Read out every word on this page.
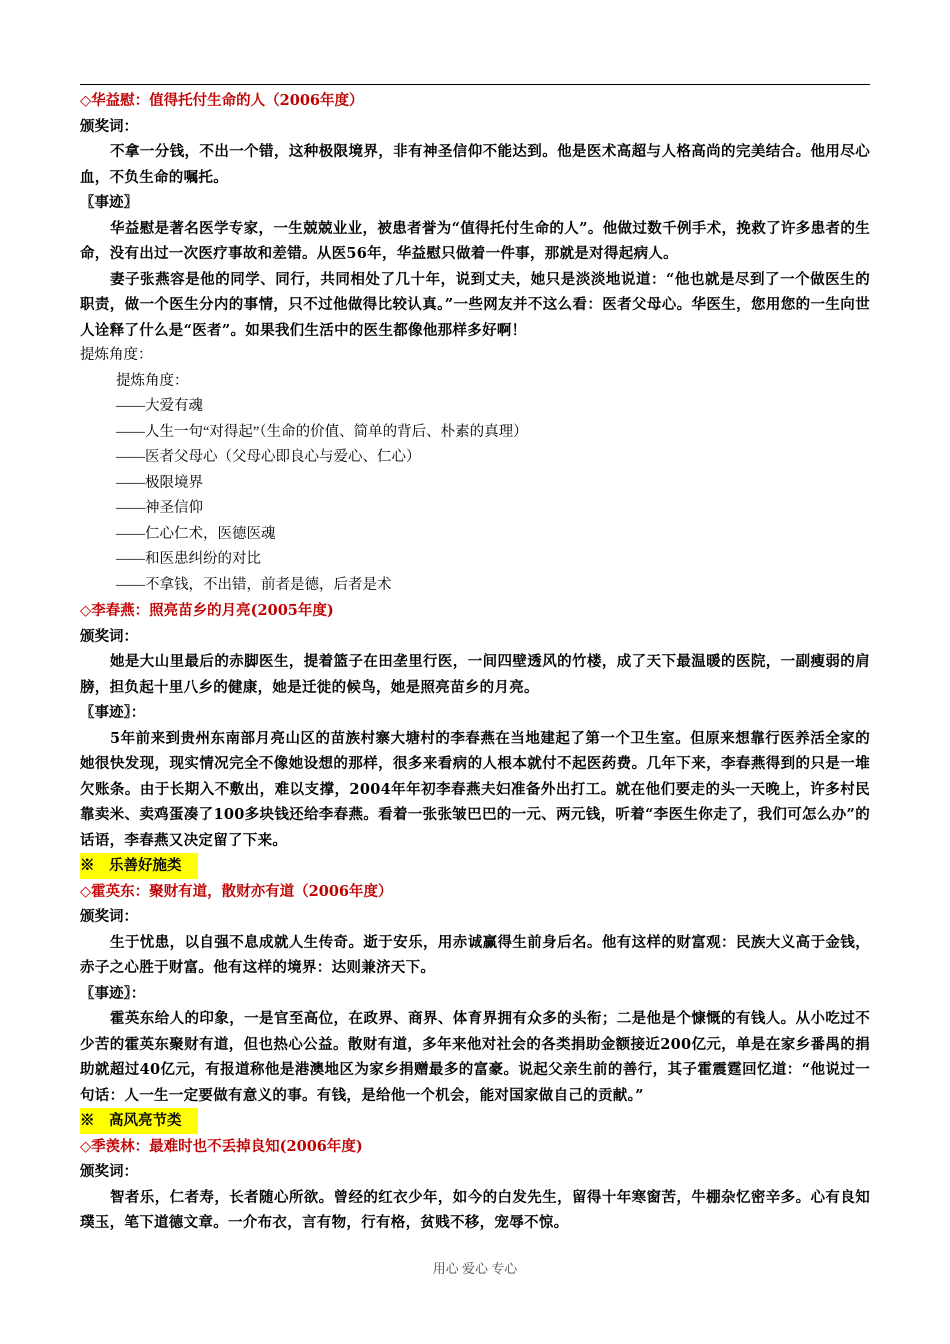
◇华益慰：值得托付生命的人（2006年度）
颁奖词：
不拿一分钱，不出一个错，这种极限境界，非有神圣信仰不能达到。他是医术高超与人格高尚的完美结合。他用尽心血，不负生命的嘱托。
〖事迹〗
华益慰是著名医学专家，一生兢兢业业，被患者誉为“值得托付生命的人”。他做过数千例手术，挽救了许多患者的生命，没有出过一次医疗事故和差错。从医56年，华益慰只做着一件事，那就是对得起病人。
妻子张燕容是他的同学、同行，共同相处了几十年，说到丈夫，她只是淡淡地说道：“他也就是尽到了一个做医生的职责，做一个医生分内的事情，只不过他做得比较认真。”一些网友并不这么看：医者父母心。华医生，您用您的一生向世人诠释了什么是“医者”。如果我们生活中的医生都像他那样多好啊！
提炼角度：
提炼角度：
——大爱有魂
——人生一句“对得起”（生命的价值、简单的背后、朴素的真理）
——医者父母心（父母心即良心与爱心、仁心）
——极限境界
——神圣信仰
——仁心仁术，医德医魂
——和医患纠纷的对比
——不拿钱，不出错，前者是德，后者是术
◇李春燕：照亮苗乡的月亮(2005年度)
颁奖词：
她是大山里最后的赤脚医生，提着篮子在田垄里行医，一间四壁透风的竹楼，成了天下最温暖的医院，一副瘦弱的肩膀，担负起十里八乡的健康，她是迁徙的候鸟，她是照亮苗乡的月亮。
〖事迹〗：
5年前来到贵州东南部月亮山区的苗族村寨大塘村的李春燕在当地建起了第一个卫生室。但原来想靠行医养活全家的她很快发现，现实情况完全不像她设想的那样，很多来看病的人根本就付不起医药费。几年下来，李春燕得到的只是一堆欠账条。由于长期入不敷出，难以支撑，2004年年初李春燕夫妇准备外出打工。就在他们要走的头一天晚上，许多村民靠卖米、卖鸡蛋凑了100多块钱还给李春燕。看着一张张皱巴巴的一元、两元钱，听着“李医生你走了，我们可怎么办”的话语，李春燕又决定留了下来。
※　乐善好施类
◇霍英东：聚财有道，散财亦有道（2006年度）
颁奖词：
生于忧患，以自强不息成就人生传奇。逝于安乐，用赤诚赢得生前身后名。他有这样的财富观：民族大义高于金钱，赤子之心胜于财富。他有这样的境界：达则兼济天下。
〖事迹〗：
霍英东给人的印象，一是官至高位，在政界、商界、体育界拥有众多的头衔；二是他是个慷慨的有钱人。从小吃过不少苦的霍英东聚财有道，但也热心公益。散财有道，多年来他对社会的各类捐助金额接近200亿元，单是在家乡番禺的捐助就超过40亿元，有报道称他是港澳地区为家乡捐赠最多的富豪。说起父亲生前的善行，其子霍震霆回忆道：“他说过一句话：人一生一定要做有意义的事。有钱，是给他一个机会，能对国家做自己的贡献。”
※　高风亮节类
◇季羡林：最难时也不丢掉良知(2006年度)
颁奖词：
智者乐，仁者寿，长者随心所欲。曾经的红衣少年，如今的白发先生，留得十年寒窗苦，牛棚杂忆密辛多。心有良知璞玉，笔下道德文章。一介布衣，言有物，行有格，贫贱不移，宠辱不惊。
用心 爱心 专心
